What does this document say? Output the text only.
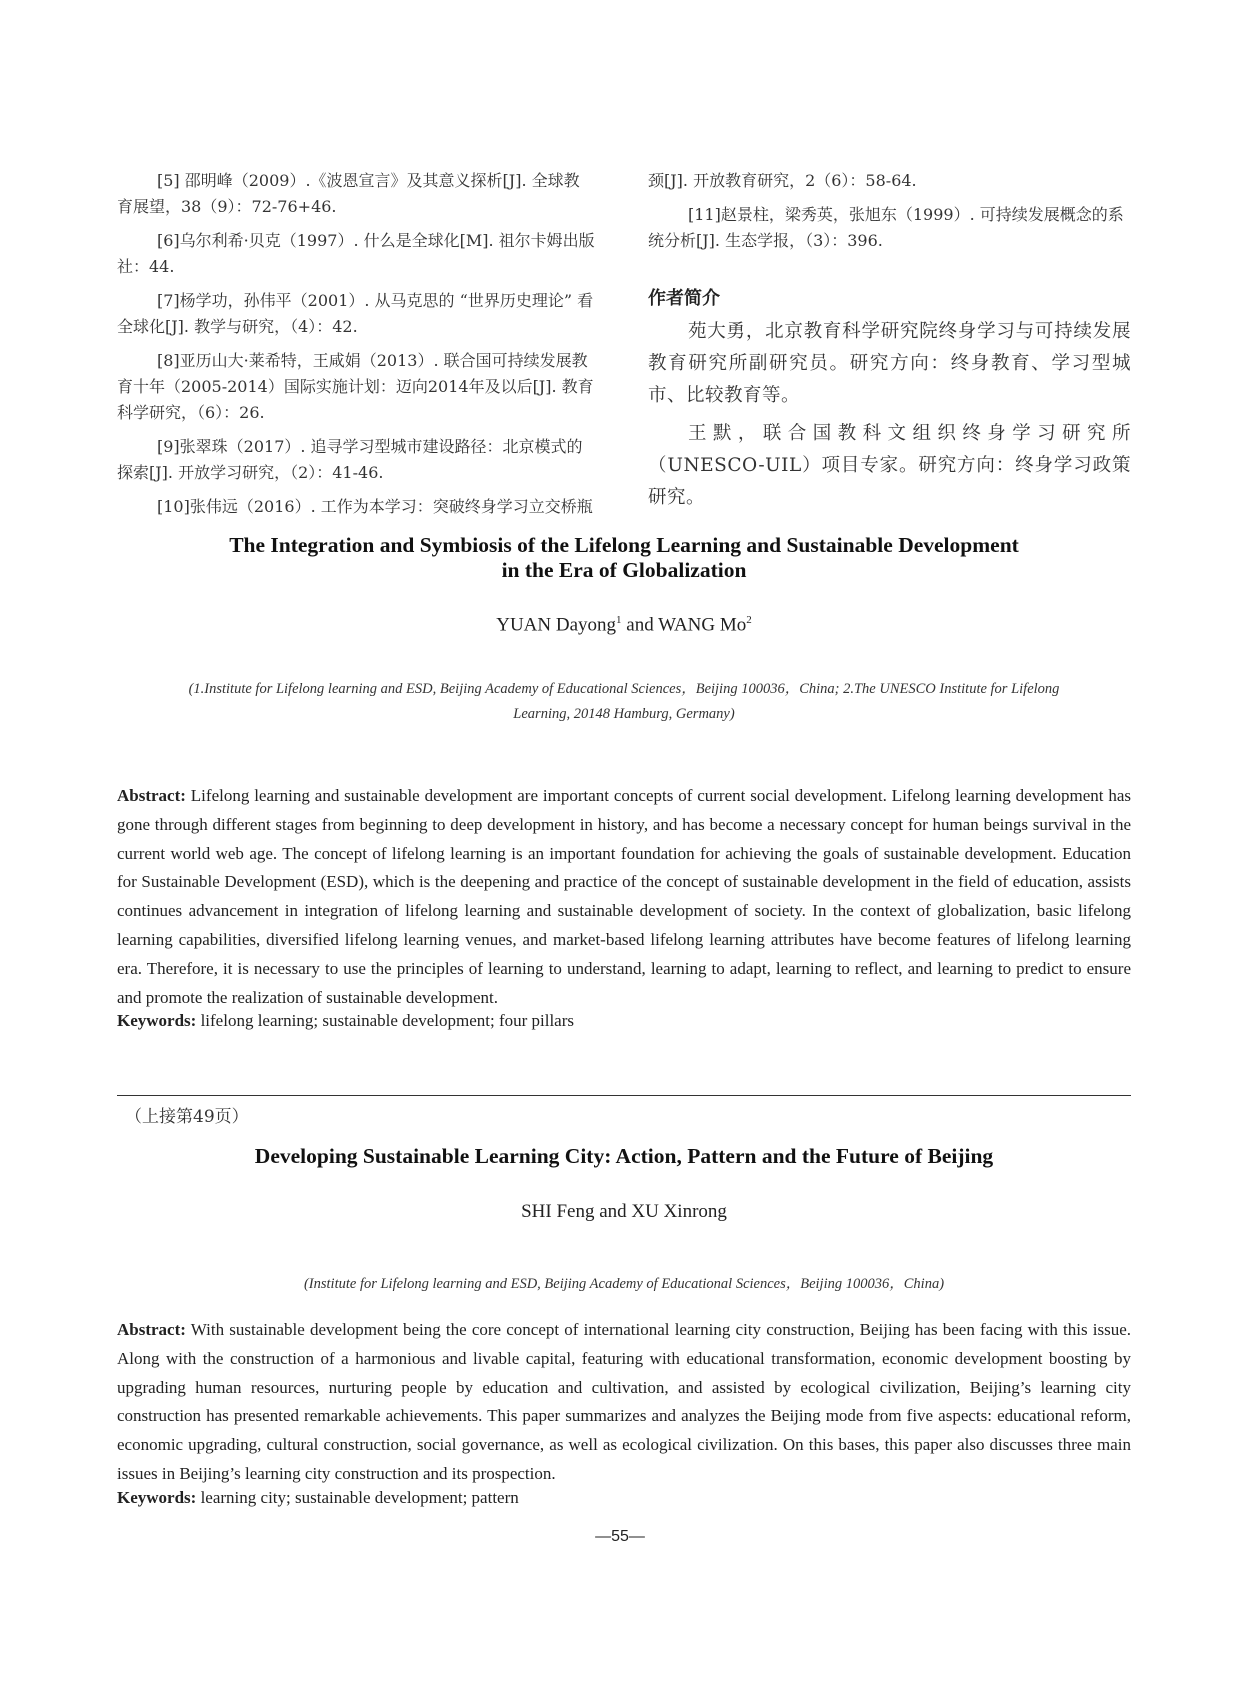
[5] 邵明峰（2009）.《波恩宣言》及其意义探析[J]. 全球教
育展望，38（9）：72-76+46.

[6]乌尔利希·贝克（1997）. 什么是全球化[M]. 祖尔卡姆出版
社：44.

[7]杨学功，孙伟平（2001）. 从马克思的 “世界历史理论” 看
全球化[J]. 教学与研究，（4）：42.

[8]亚历山大·莱希特，王咸娟（2013）. 联合国可持续发展教
育十年（2005-2014）国际实施计划：迈向2014年及以后[J]. 教育
科学研究，（6）：26.

[9]张翠珠（2017）. 追寻学习型城市建设路径：北京模式的
探索[J]. 开放学习研究，（2）：41-46.

[10]张伟远（2016）. 工作为本学习：突破终身学习立交桥瓶

颈[J]. 开放教育研究，2（6）：58-64.

[11]赵景柱，梁秀英，张旭东（1999）. 可持续发展概念的系
统分析[J]. 生态学报，（3）：396.

作者简介

苑大勇，北京教育科学研究院终身学习与可持续发展教育研究所副研究员。研究方向：终身教育、学习型城市、比较教育等。

王默，联合国教科文组织终身学习研究所（UNESCO-UIL）项目专家。研究方向：终身学习政策研究。

The Integration and Symbiosis of the Lifelong Learning and Sustainable Development
in the Era of Globalization

YUAN Dayong$^1$ and WANG Mo$^2$

(1.Institute for Lifelong learning and ESD, Beijing Academy of Educational Sciences，Beijing 100036，China; 2.The UNESCO Institute for Lifelong
Learning, 20148 Hamburg, Germany)

Abstract: Lifelong learning and sustainable development are important concepts of current social development. Lifelong learning development has gone through different stages from beginning to deep development in history, and has become a necessary concept for human beings survival in the current world web age. The concept of lifelong learning is an important foundation for achieving the goals of sustainable development. Education for Sustainable Development (ESD), which is the deepening and practice of the concept of sustainable development in the field of education, assists continues advancement in integration of lifelong learning and sustainable development of society. In the context of globalization, basic lifelong learning capabilities, diversified lifelong learning venues, and market-based lifelong learning attributes have become features of lifelong learning era. Therefore, it is necessary to use the principles of learning to understand, learning to adapt, learning to reflect, and learning to predict to ensure and promote the realization of sustainable development.

Keywords: lifelong learning; sustainable development; four pillars

（上接第49页）

Developing Sustainable Learning City: Action, Pattern and the Future of Beijing

SHI Feng and XU Xinrong

(Institute for Lifelong learning and ESD, Beijing Academy of Educational Sciences，Beijing 100036，China)

Abstract: With sustainable development being the core concept of international learning city construction, Beijing has been facing with this issue. Along with the construction of a harmonious and livable capital, featuring with educational transformation, economic development boosting by upgrading human resources, nurturing people by education and cultivation, and assisted by ecological civilization, Beijing’s learning city construction has presented remarkable achievements. This paper summarizes and analyzes the Beijing mode from five aspects: educational reform, economic upgrading, cultural construction, social governance, as well as ecological civilization. On this bases, this paper also discusses three main issues in Beijing’s learning city construction and its prospection.

Keywords: learning city; sustainable development; pattern

—55—
